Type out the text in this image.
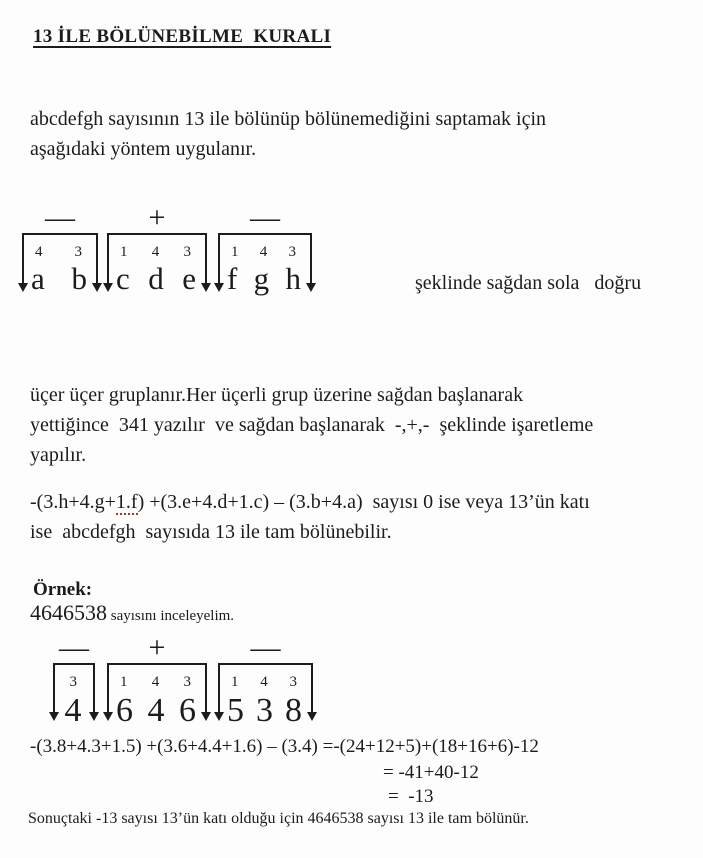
13 İLE BÖLÜNEBİLME  KURALI
abcdefgh sayısının 13 ile bölünüp bölünemediğini saptamak için
aşağıdaki yöntem uygulanır.
—
4 3
a b
+
1 4 3
c d e
—
1 4 3
f g h	şeklinde sağdan sola   doğru
üçer üçer gruplanır.Her üçerli grup üzerine sağdan başlanarak
yettiğince  341 yazılır  ve sağdan başlanarak  -,+,-  şeklinde işaretleme
yapılır.
-(3.h+4.g+1.f) +(3.e+4.d+1.c) – (3.b+4.a)  sayısı 0 ise veya 13’ün katı
ise  abcdefgh  sayısıda 13 ile tam bölünebilir.
Örnek:
4646538 sayısını inceleyelim.
—
3
4
+
1 4 3
6 4 6
—
1 4 3
5 3 8
-(3.8+4.3+1.5) +(3.6+4.4+1.6) – (3.4) =-(24+12+5)+(18+16+6)-12
= -41+40-12
=  -13
Sonuçtaki -13 sayısı 13’ün katı olduğu için 4646538 sayısı 13 ile tam bölünür.
